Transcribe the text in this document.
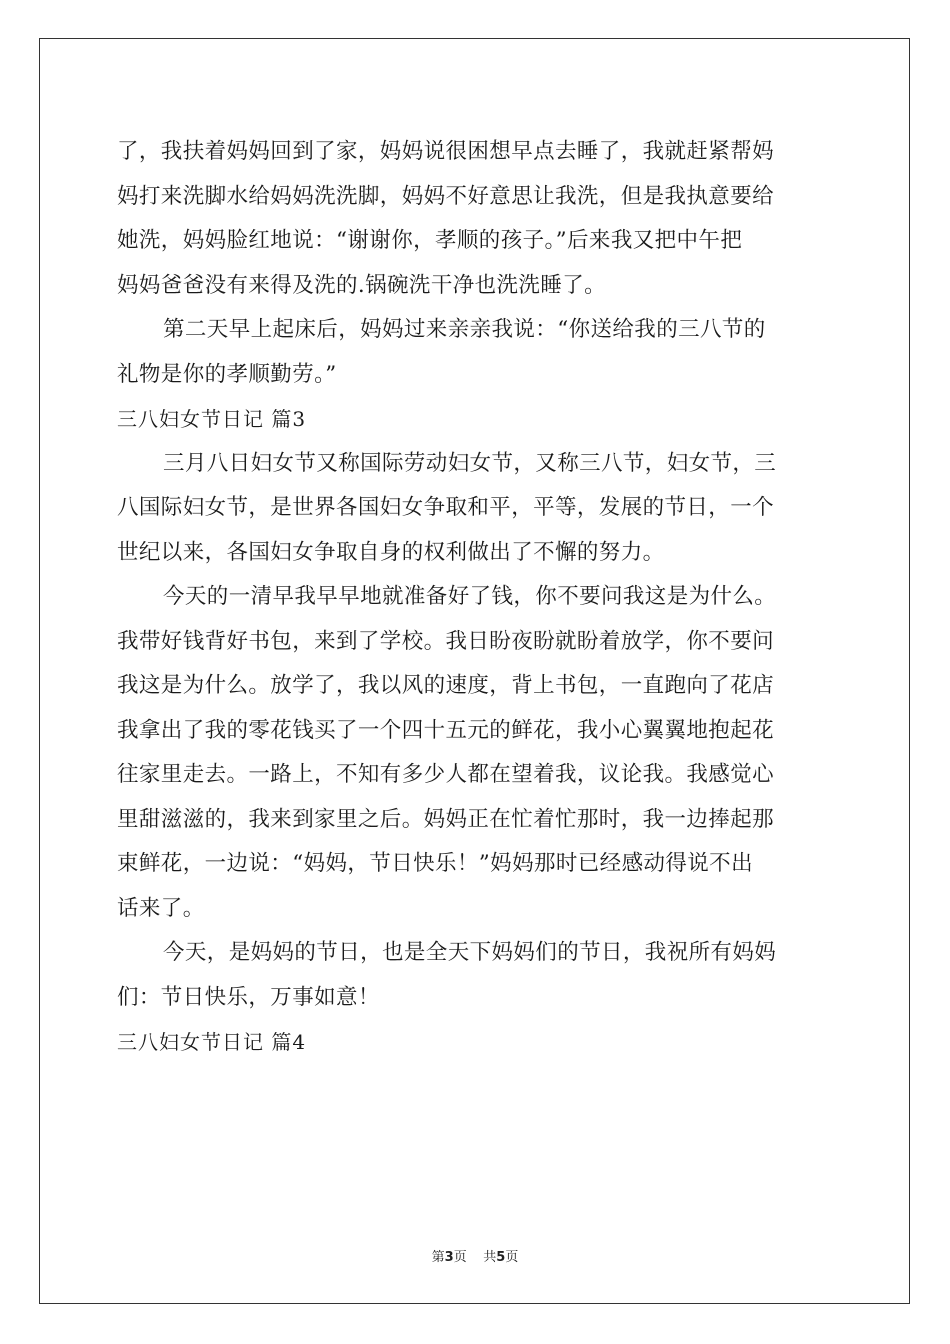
了，我扶着妈妈回到了家，妈妈说很困想早点去睡了，我就赶紧帮妈
妈打来洗脚水给妈妈洗洗脚，妈妈不好意思让我洗，但是我执意要给
她洗，妈妈脸红地说：“谢谢你，孝顺的孩子。”后来我又把中午把
妈妈爸爸没有来得及洗的.锅碗洗干净也洗洗睡了。
第二天早上起床后，妈妈过来亲亲我说：“你送给我的三八节的
礼物是你的孝顺勤劳。”
三八妇女节日记 篇3
三月八日妇女节又称国际劳动妇女节，又称三八节，妇女节，三
八国际妇女节，是世界各国妇女争取和平，平等，发展的节日，一个
世纪以来，各国妇女争取自身的权利做出了不懈的努力。
今天的一清早我早早地就准备好了钱，你不要问我这是为什么。
我带好钱背好书包，来到了学校。我日盼夜盼就盼着放学，你不要问
我这是为什么。放学了，我以风的速度，背上书包，一直跑向了花店
我拿出了我的零花钱买了一个四十五元的鲜花，我小心翼翼地抱起花
往家里走去。一路上，不知有多少人都在望着我，议论我。我感觉心
里甜滋滋的，我来到家里之后。妈妈正在忙着忙那时，我一边捧起那
束鲜花，一边说：“妈妈，节日快乐！”妈妈那时已经感动得说不出
话来了。
今天，是妈妈的节日，也是全天下妈妈们的节日，我祝所有妈妈
们：节日快乐，万事如意！
三八妇女节日记 篇4
第3页 共5页
